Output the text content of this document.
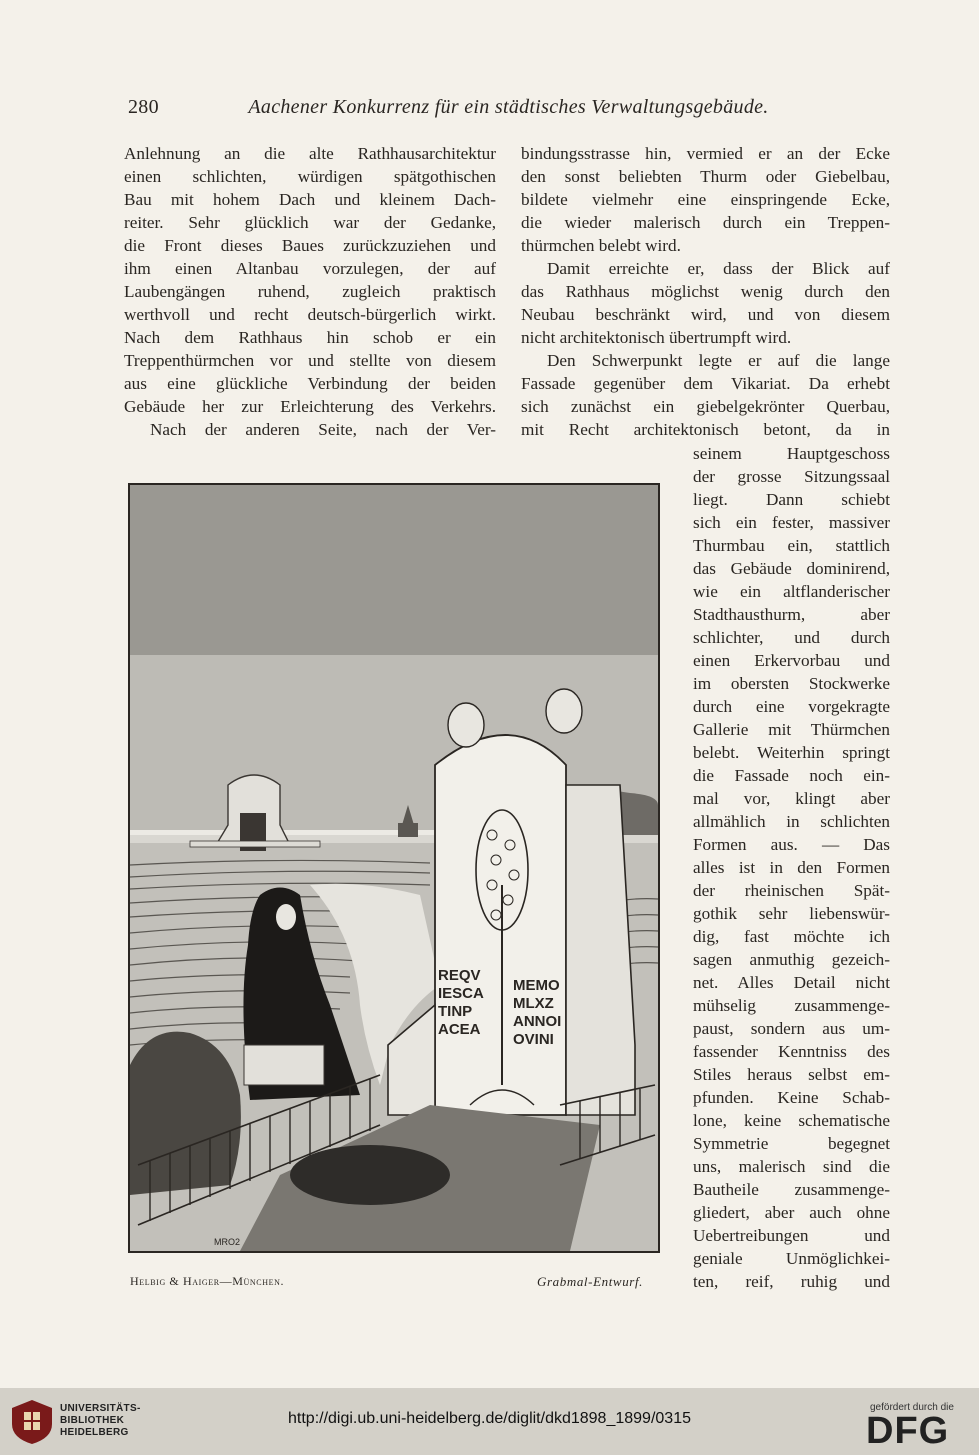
280	Aachener Konkurrenz für ein städtisches Verwaltungsgebäude.
Anlehnung an die alte Rathhausarchitektur
einen schlichten, würdigen spätgothischen
Bau mit hohem Dach und kleinem Dach-
reiter. Sehr glücklich war der Gedanke,
die Front dieses Baues zurückzuziehen und
ihm einen Altanbau vorzulegen, der auf
Laubengängen ruhend, zugleich praktisch
werthvoll und recht deutsch-bürgerlich wirkt.
Nach dem Rathhaus hin schob er ein
Treppenthürmchen vor und stellte von diesem
aus eine glückliche Verbindung der beiden
Gebäude her zur Erleichterung des Verkehrs.
Nach der anderen Seite, nach der Ver-
bindungsstrasse hin, vermied er an der Ecke
den sonst beliebten Thurm oder Giebelbau,
bildete vielmehr eine einspringende Ecke,
die wieder malerisch durch ein Treppen-
thürmchen belebt wird.
Damit erreichte er, dass der Blick auf
das Rathhaus möglichst wenig durch den
Neubau beschränkt wird, und von diesem
nicht architektonisch übertrumpft wird.
Den Schwerpunkt legte er auf die lange
Fassade gegenüber dem Vikariat. Da erhebt
sich zunächst ein giebelgekrönter Querbau,
mit Recht architektonisch betont, da in
seinem Hauptgeschoss
der grosse Sitzungssaal
liegt. Dann schiebt
sich ein fester, massiver
Thurmbau ein, stattlich
das Gebäude dominirend,
wie ein altflanderischer
Stadthausthurm, aber
schlichter, und durch
einen Erkervorbau und
im obersten Stockwerke
durch eine vorgekragte
Gallerie mit Thürmchen
belebt. Weiterhin springt
die Fassade noch ein-
mal vor, klingt aber
allmählich in schlichten
Formen aus. — Das
alles ist in den Formen
der rheinischen Spät-
gothik sehr liebenswür-
dig, fast möchte ich
sagen anmuthig gezeich-
net. Alles Detail nicht
mühselig zusammenge-
paust, sondern aus um-
fassender Kenntniss des
Stiles heraus selbst em-
pfunden. Keine Schab-
lone, keine schematische
Symmetrie begegnet
uns, malerisch sind die
Bautheile zusammenge-
gliedert, aber auch ohne
Uebertreibungen und
geniale Unmöglichkei-
ten, reif, ruhig und
REQV
IESCA
TINP
ACEA
MEMO
MLXZ
ANNOI
OVINI
MRO2
Helbig & Haiger—München.	Grabmal-Entwurf.
UNIVERSITÄTS-
BIBLIOTHEK
HEIDELBERG
http://digi.ub.uni-heidelberg.de/diglit/dkd1898_1899/0315
gefördert durch die
DFG
